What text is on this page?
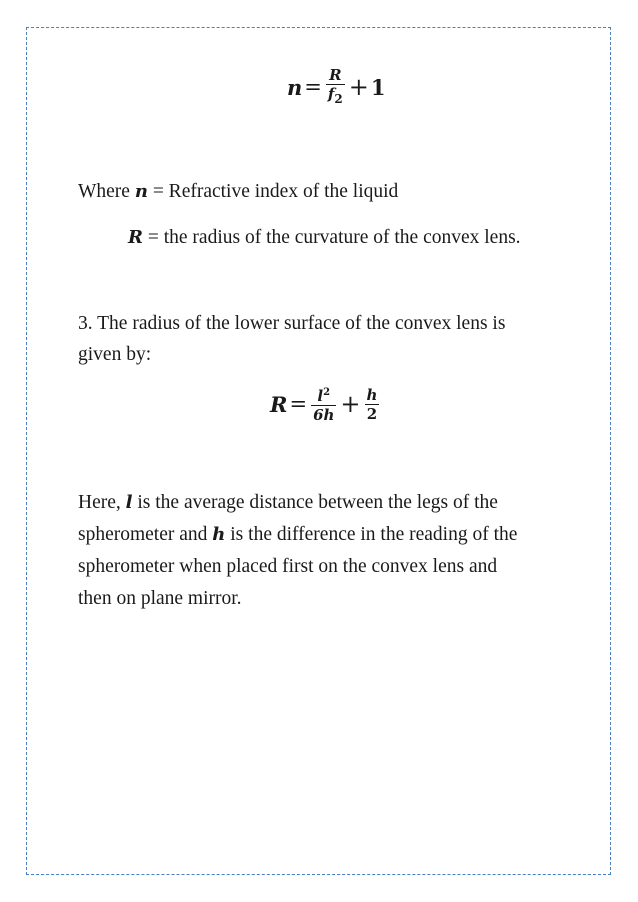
$n = \frac{R}{f_2} + 1$
Where n = Refractive index of the liquid
R = the radius of the curvature of the convex lens.
3. The radius of the lower surface of the convex lens is
given by:
$R = \frac{l^2}{6h} + \frac{h}{2}$
Here, l is the average distance between the legs of the
spherometer and h is the difference in the reading of the
spherometer when placed first on the convex lens and
then on plane mirror.
